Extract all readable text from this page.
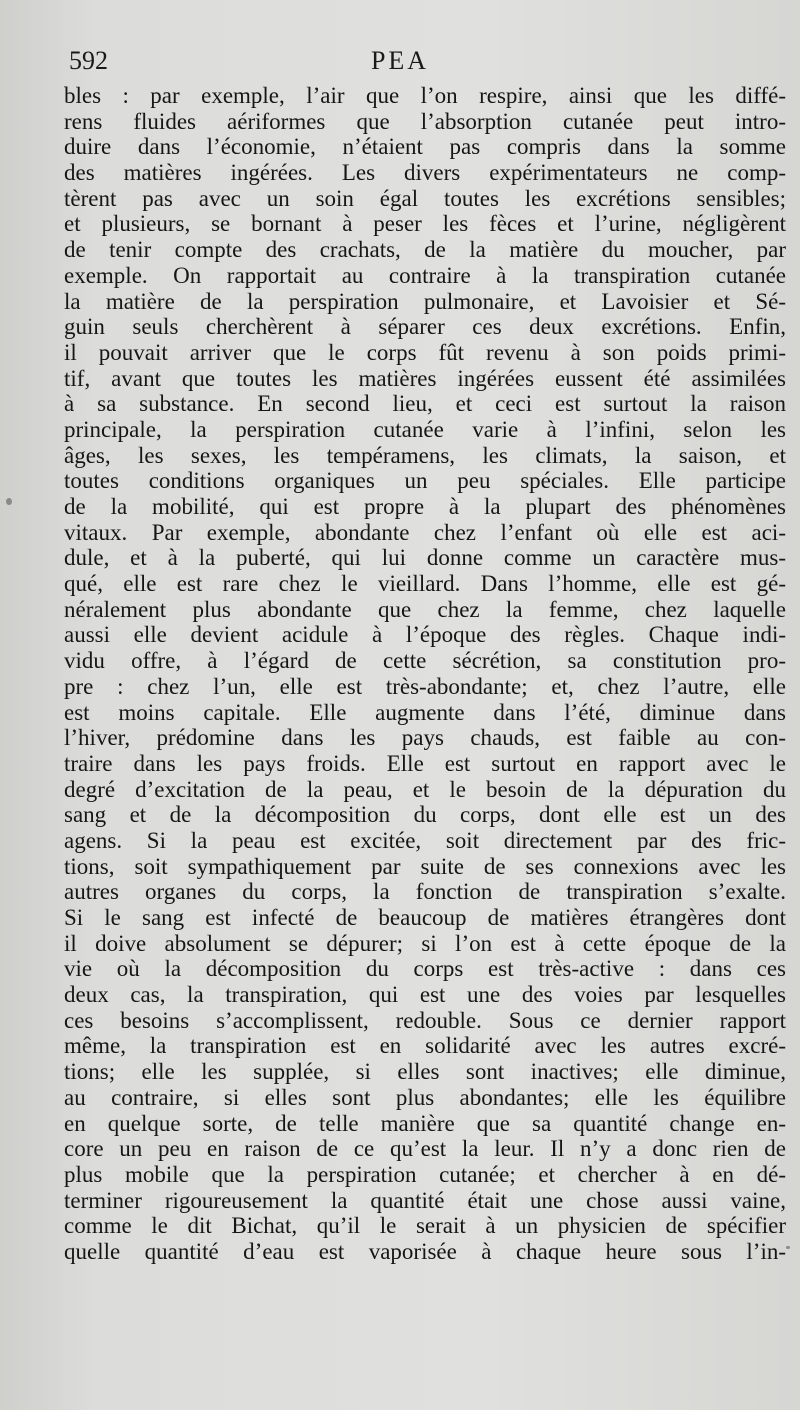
592	PEA
bles : par exemple, l’air que l’on respire, ainsi que les diffé-
rens fluides aériformes que l’absorption cutanée peut intro-
duire dans l’économie, n’étaient pas compris dans la somme
des matières ingérées. Les divers expérimentateurs ne comp-
tèrent pas avec un soin égal toutes les excrétions sensibles;
et plusieurs, se bornant à peser les fèces et l’urine, négligèrent
de tenir compte des crachats, de la matière du moucher, par
exemple. On rapportait au contraire à la transpiration cutanée
la matière de la perspiration pulmonaire, et Lavoisier et Sé-
guin seuls cherchèrent à séparer ces deux excrétions. Enfin,
il pouvait arriver que le corps fût revenu à son poids primi-
tif, avant que toutes les matières ingérées eussent été assimilées
à sa substance. En second lieu, et ceci est surtout la raison
principale, la perspiration cutanée varie à l’infini, selon les
âges, les sexes, les tempéramens, les climats, la saison, et
toutes conditions organiques un peu spéciales. Elle participe
de la mobilité, qui est propre à la plupart des phénomènes
vitaux. Par exemple, abondante chez l’enfant où elle est aci-
dule, et à la puberté, qui lui donne comme un caractère mus-
qué, elle est rare chez le vieillard. Dans l’homme, elle est gé-
néralement plus abondante que chez la femme, chez laquelle
aussi elle devient acidule à l’époque des règles. Chaque indi-
vidu offre, à l’égard de cette sécrétion, sa constitution pro-
pre : chez l’un, elle est très-abondante; et, chez l’autre, elle
est moins capitale. Elle augmente dans l’été, diminue dans
l’hiver, prédomine dans les pays chauds, est faible au con-
traire dans les pays froids. Elle est surtout en rapport avec le
degré d’excitation de la peau, et le besoin de la dépuration du
sang et de la décomposition du corps, dont elle est un des
agens. Si la peau est excitée, soit directement par des fric-
tions, soit sympathiquement par suite de ses connexions avec les
autres organes du corps, la fonction de transpiration s’exalte.
Si le sang est infecté de beaucoup de matières étrangères dont
il doive absolument se dépurer; si l’on est à cette époque de la
vie où la décomposition du corps est très-active : dans ces
deux cas, la transpiration, qui est une des voies par lesquelles
ces besoins s’accomplissent, redouble. Sous ce dernier rapport
même, la transpiration est en solidarité avec les autres excré-
tions; elle les supplée, si elles sont inactives; elle diminue,
au contraire, si elles sont plus abondantes; elle les équilibre
en quelque sorte, de telle manière que sa quantité change en-
core un peu en raison de ce qu’est la leur. Il n’y a donc rien de
plus mobile que la perspiration cutanée; et chercher à en dé-
terminer rigoureusement la quantité était une chose aussi vaine,
comme le dit Bichat, qu’il le serait à un physicien de spécifier
quelle quantité d’eau est vaporisée à chaque heure sous l’in-
